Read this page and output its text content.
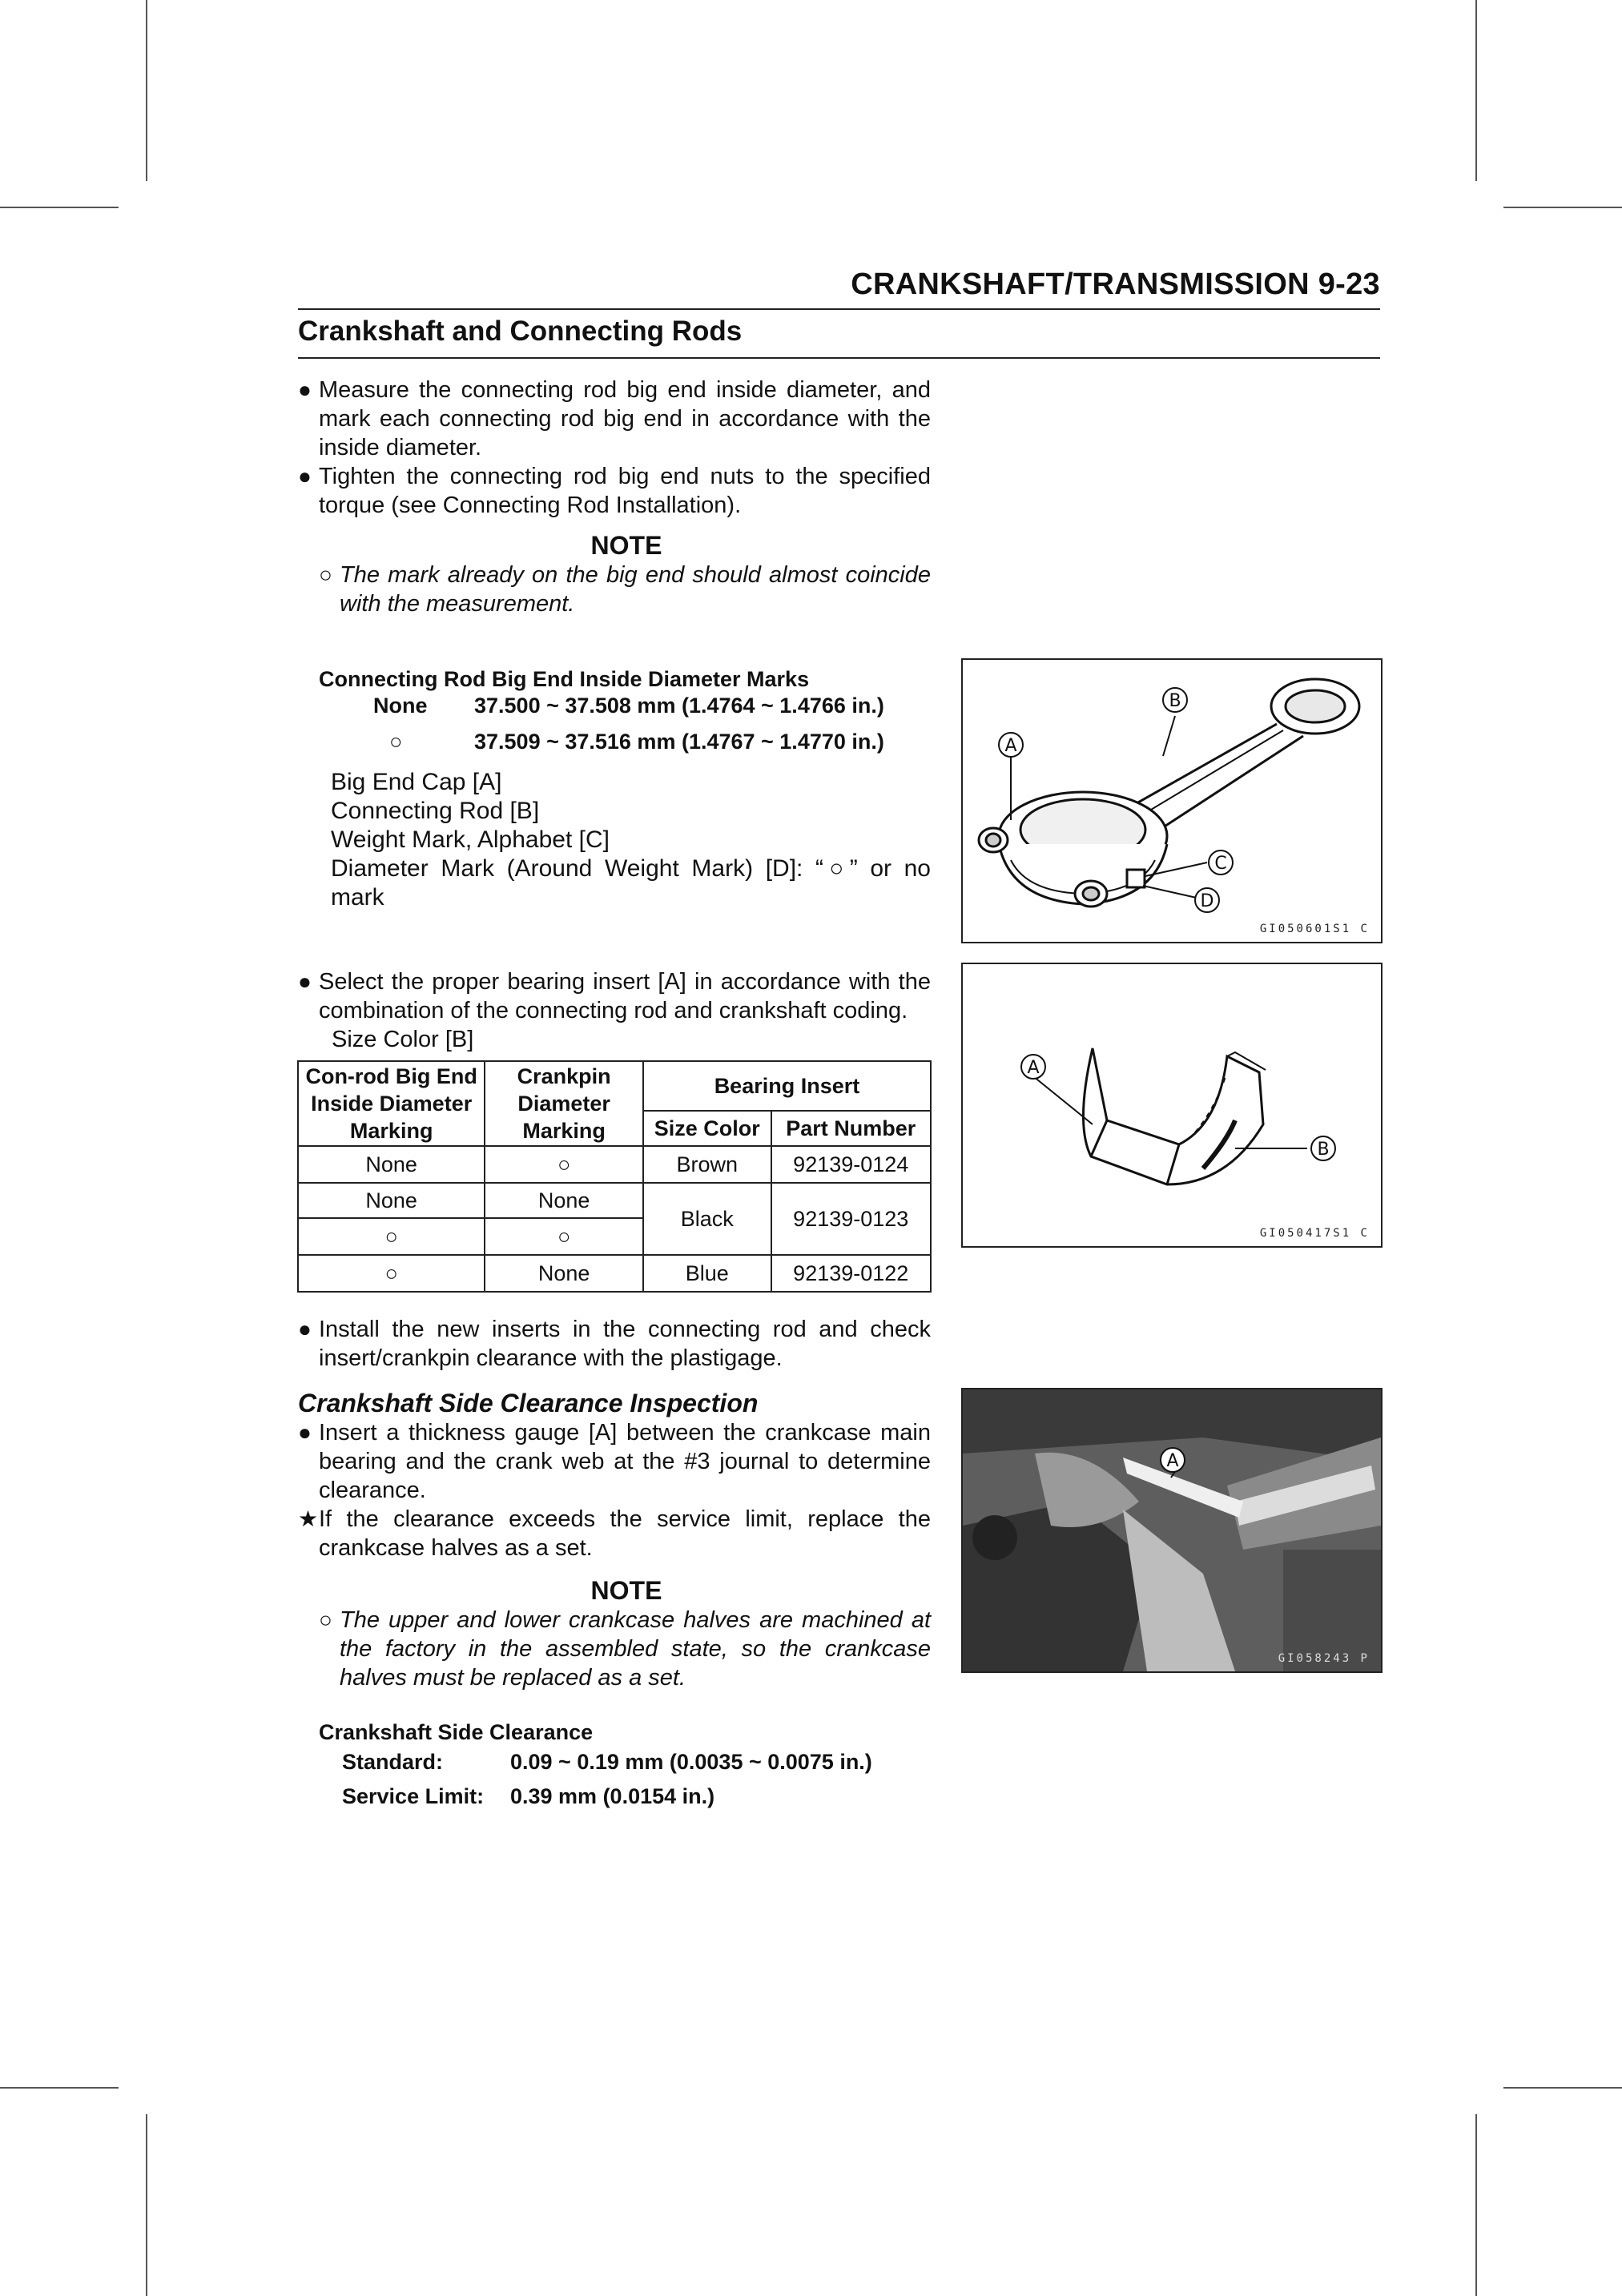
CRANKSHAFT/TRANSMISSION 9-23
Crankshaft and Connecting Rods
● Measure the connecting rod big end inside diameter, and mark each connecting rod big end in accordance with the inside diameter.
● Tighten the connecting rod big end nuts to the specified torque (see Connecting Rod Installation).
NOTE
○ The mark already on the big end should almost coincide with the measurement.
Connecting Rod Big End Inside Diameter Marks
None 37.500 ~ 37.508 mm (1.4764 ~ 1.4766 in.)
○	37.509 ~ 37.516 mm (1.4767 ~ 1.4770 in.)
Big End Cap [A]
Connecting Rod [B]
Weight Mark, Alphabet [C]
Diameter Mark (Around Weight Mark) [D]: “○” or no mark
● Select the proper bearing insert [A] in accordance with the combination of the connecting rod and crankshaft coding.
Size Color [B]
Con-rod Big End Inside Diameter Marking	Crankpin Diameter Marking	Bearing Insert	
		Size Color	Part Number
None	○	Brown	92139-0124
None	None	Black	92139-0123
○	○		
○	None	Blue	92139-0122
● Install the new inserts in the connecting rod and check insert/crankpin clearance with the plastigage.
Crankshaft Side Clearance Inspection
● Insert a thickness gauge [A] between the crankcase main bearing and the crank web at the #3 journal to determine clearance.
★ If the clearance exceeds the service limit, replace the crankcase halves as a set.
NOTE
○ The upper and lower crankcase halves are machined at the factory in the assembled state, so the crankcase halves must be replaced as a set.
Crankshaft Side Clearance
Standard:	0.09 ~ 0.19 mm (0.0035 ~ 0.0075 in.)
Service Limit: 0.39 mm (0.0154 in.)
A
B
C
D
GI050601S1 C
A
B
GI050417S1 C
A
GI058243 P
